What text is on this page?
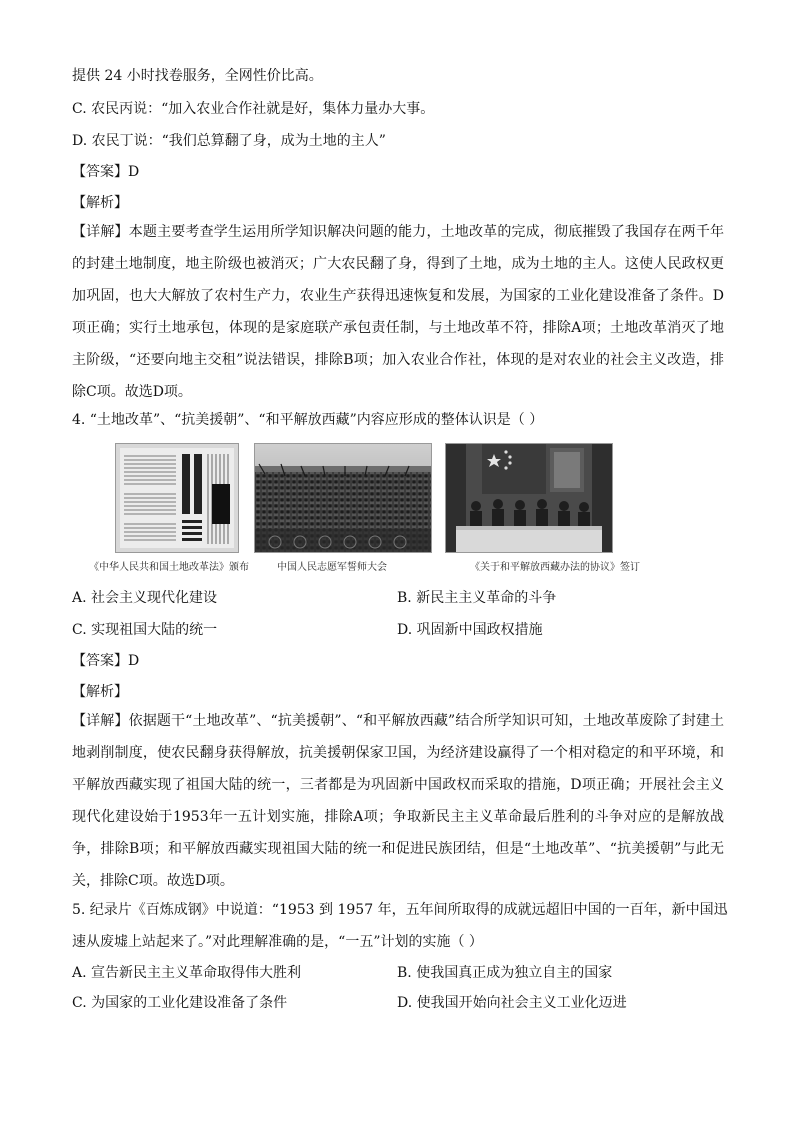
提供 24 小时找卷服务，全网性价比高。
C. 农民丙说：“加入农业合作社就是好，集体力量办大事。
D. 农民丁说：“我们总算翻了身，成为土地的主人”
【答案】D
【解析】
【详解】本题主要考查学生运用所学知识解决问题的能力，土地改革的完成，彻底摧毁了我国存在两千年的封建土地制度，地主阶级也被消灭；广大农民翻了身，得到了土地，成为土地的主人。这使人民政权更加巩固，也大大解放了农村生产力，农业生产获得迅速恢复和发展，为国家的工业化建设准备了条件。D项正确；实行土地承包，体现的是家庭联产承包责任制，与土地改革不符，排除A项；土地改革消灭了地主阶级，“还要向地主交租”说法错误，排除B项；加入农业合作社，体现的是对农业的社会主义改造，排除C项。故选D项。
4. “土地改革”、“抗美援朝”、“和平解放西藏”内容应形成的整体认识是（ ）
《中华人民共和国土地改革法》颁布	中国人民志愿军誓师大会	《关于和平解放西藏办法的协议》签订
A. 社会主义现代化建设	B. 新民主主义革命的斗争
C. 实现祖国大陆的统一	D. 巩固新中国政权措施
【答案】D
【解析】
【详解】依据题干“土地改革”、“抗美援朝”、“和平解放西藏”结合所学知识可知，土地改革废除了封建土地剥削制度，使农民翻身获得解放，抗美援朝保家卫国，为经济建设赢得了一个相对稳定的和平环境，和平解放西藏实现了祖国大陆的统一，三者都是为巩固新中国政权而采取的措施，D项正确；开展社会主义现代化建设始于1953年一五计划实施，排除A项；争取新民主主义革命最后胜利的斗争对应的是解放战争，排除B项；和平解放西藏实现祖国大陆的统一和促进民族团结，但是“土地改革”、“抗美援朝”与此无关，排除C项。故选D项。
5. 纪录片《百炼成钢》中说道：“1953 到 1957 年，五年间所取得的成就远超旧中国的一百年，新中国迅
速从废墟上站起来了。”对此理解准确的是，“一五”计划的实施（ ）
A. 宣告新民主主义革命取得伟大胜利	B. 使我国真正成为独立自主的国家
C. 为国家的工业化建设准备了条件	D. 使我国开始向社会主义工业化迈进
